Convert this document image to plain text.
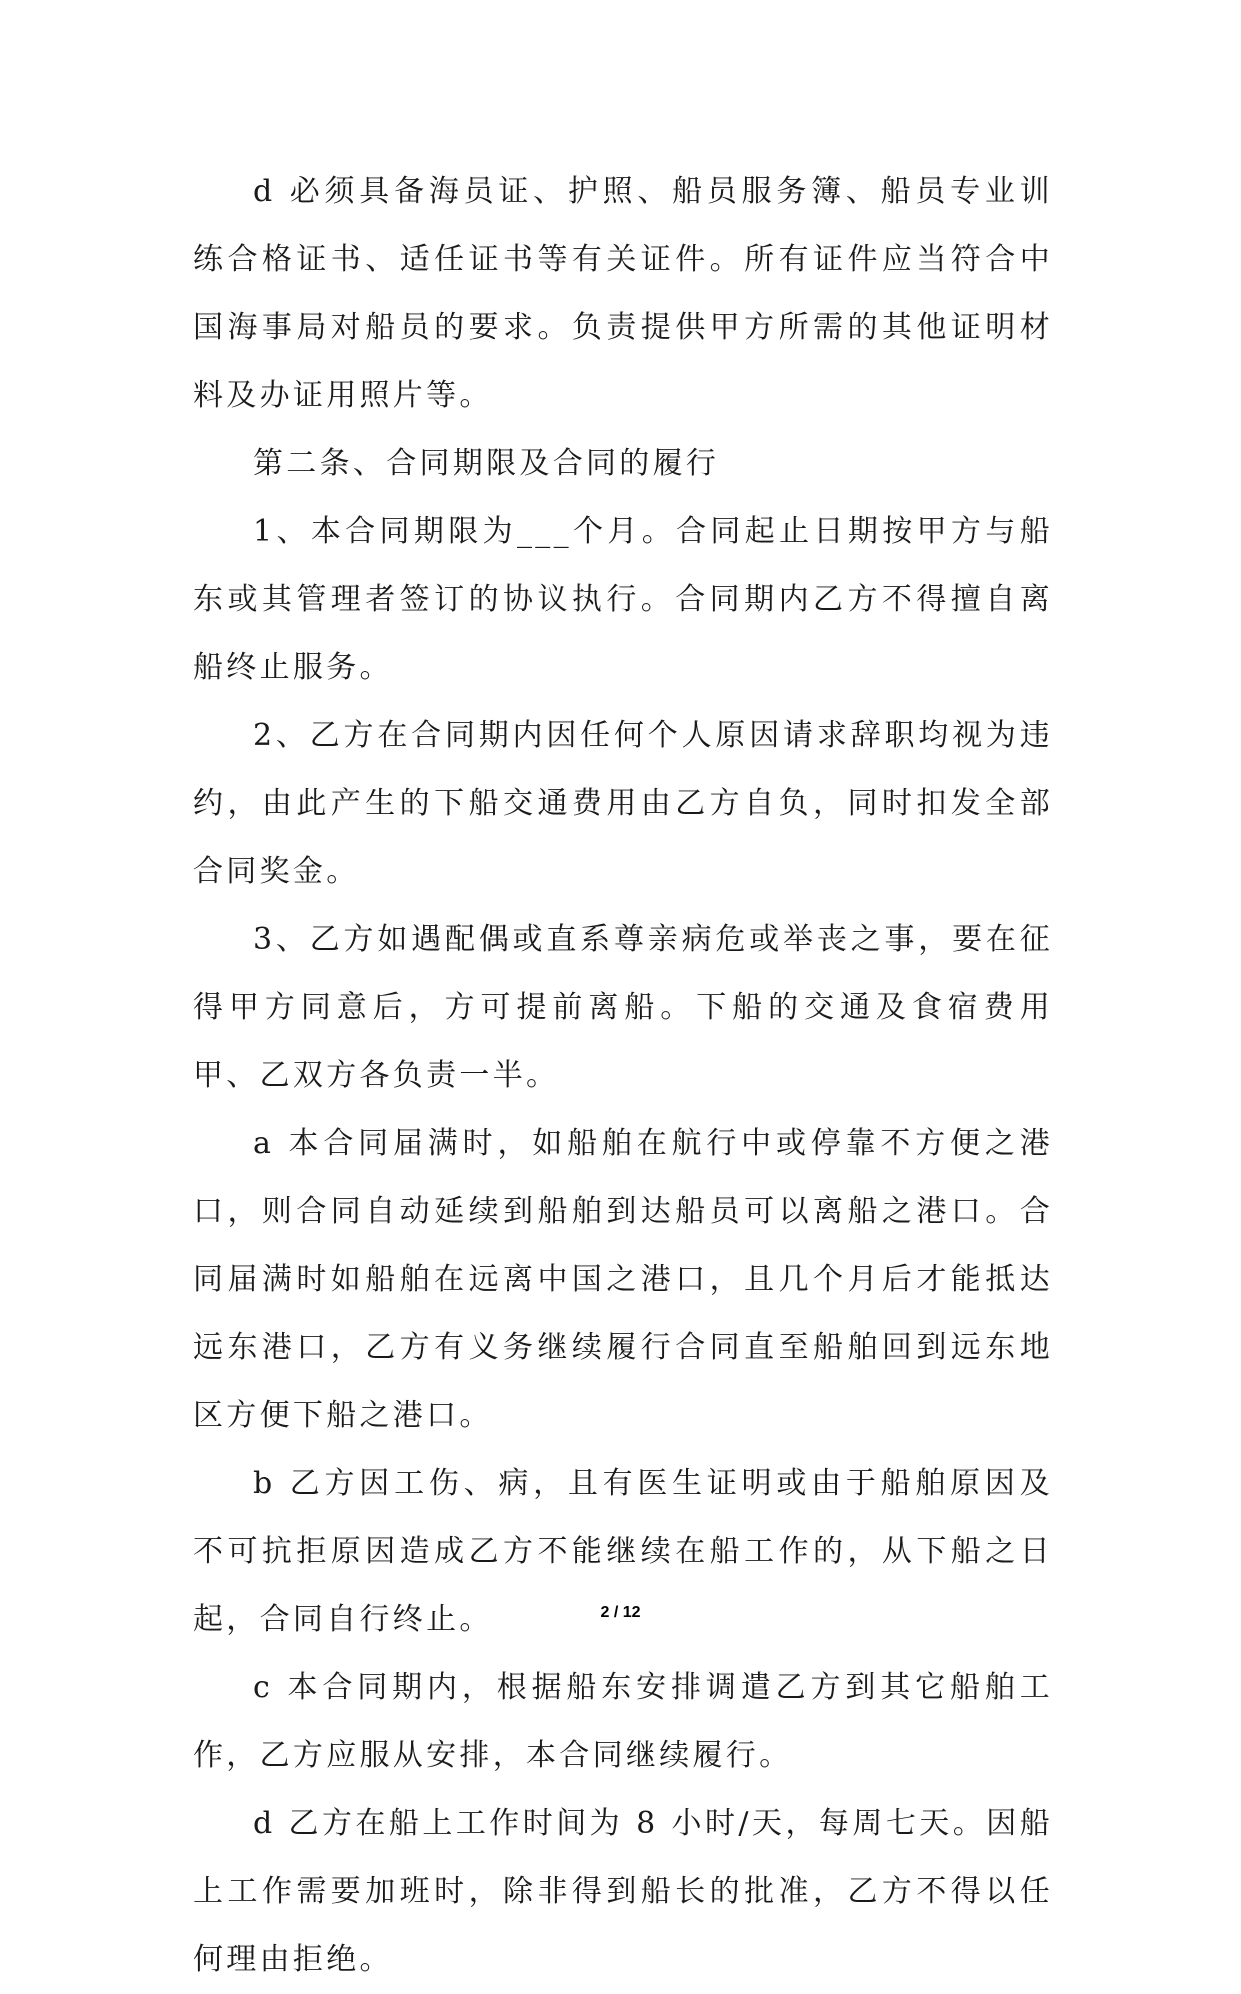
d 必须具备海员证、护照、船员服务簿、船员专业训练合格证书、适任证书等有关证件。所有证件应当符合中国海事局对船员的要求。负责提供甲方所需的其他证明材料及办证用照片等。

第二条、合同期限及合同的履行

1、本合同期限为___个月。合同起止日期按甲方与船东或其管理者签订的协议执行。合同期内乙方不得擅自离船终止服务。

2、乙方在合同期内因任何个人原因请求辞职均视为违约，由此产生的下船交通费用由乙方自负，同时扣发全部合同奖金。

3、乙方如遇配偶或直系尊亲病危或举丧之事，要在征得甲方同意后，方可提前离船。下船的交通及食宿费用甲、乙双方各负责一半。

a 本合同届满时，如船舶在航行中或停靠不方便之港口，则合同自动延续到船舶到达船员可以离船之港口。合同届满时如船舶在远离中国之港口，且几个月后才能抵达远东港口，乙方有义务继续履行合同直至船舶回到远东地区方便下船之港口。

b 乙方因工伤、病，且有医生证明或由于船舶原因及不可抗拒原因造成乙方不能继续在船工作的，从下船之日起，合同自行终止。

c 本合同期内，根据船东安排调遣乙方到其它船舶工作，乙方应服从安排，本合同继续履行。

d 乙方在船上工作时间为 8 小时/天，每周七天。因船上工作需要加班时，除非得到船长的批准，乙方不得以任何理由拒绝。

2 / 12
